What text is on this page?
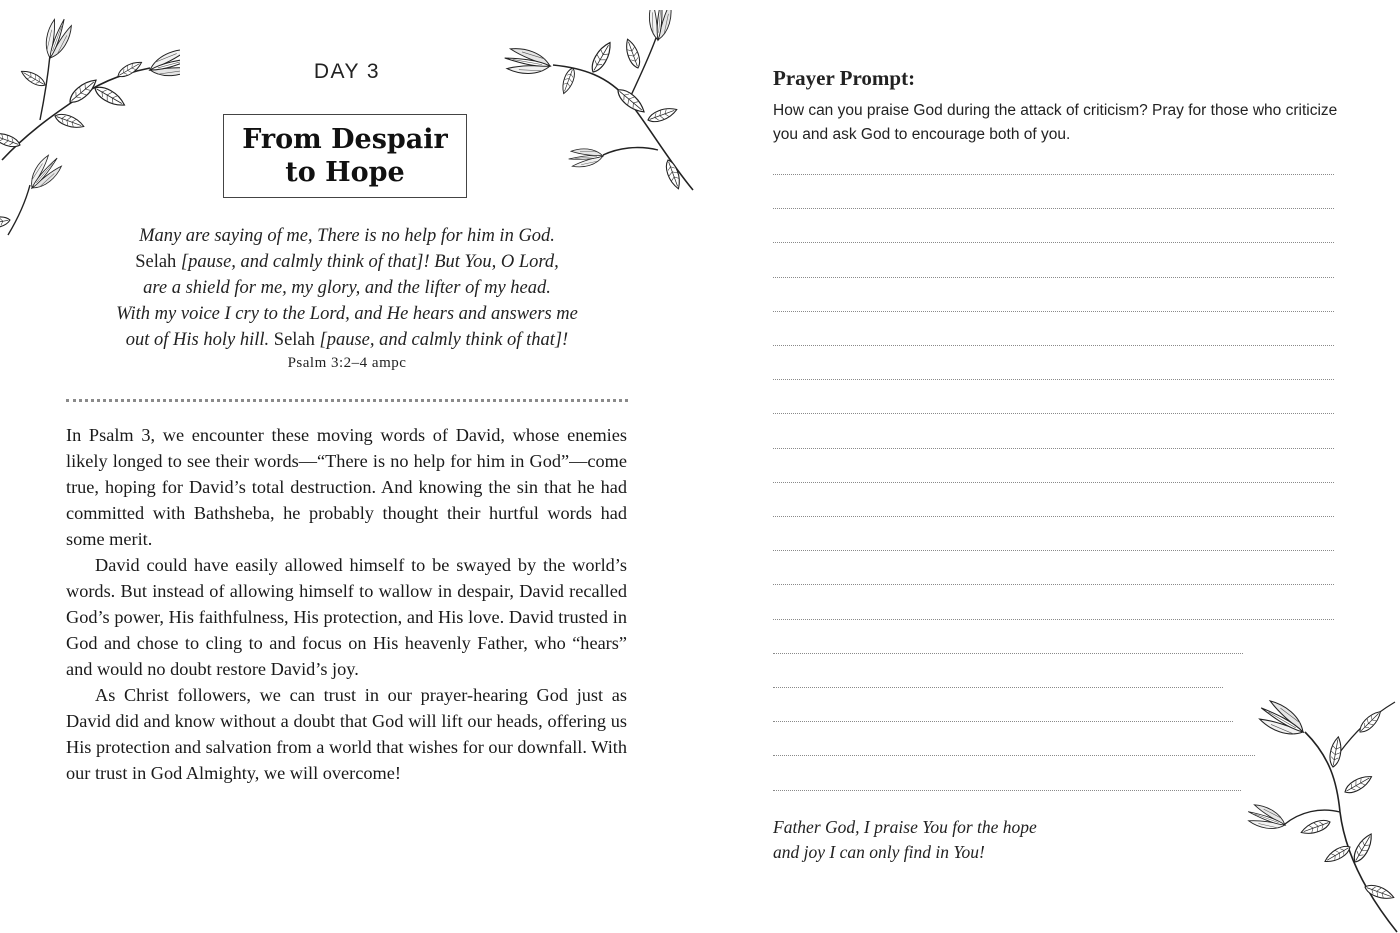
DAY 3
From Despair to Hope
Many are saying of me, There is no help for him in God.
Selah [pause, and calmly think of that]! But You, O Lord,
are a shield for me, my glory, and the lifter of my head.
With my voice I cry to the Lord, and He hears and answers me
out of His holy hill. Selah [pause, and calmly think of that]!
Psalm 3:2–4 ampc

In Psalm 3, we encounter these moving words of David, whose enemies likely longed to see their words—“There is no help for him in God”—come true, hoping for David’s total destruction. And knowing the sin that he had committed with Bathsheba, he probably thought their hurtful words had some merit.

David could have easily allowed himself to be swayed by the world’s words. But instead of allowing himself to wallow in despair, David recalled God’s power, His faithfulness, His protection, and His love. David trusted in God and chose to cling to and focus on His heavenly Father, who “hears” and would no doubt restore David’s joy.

As Christ followers, we can trust in our prayer-hearing God just as David did and know without a doubt that God will lift our heads, offering us His protection and salvation from a world that wishes for our downfall. With our trust in God Almighty, we will overcome!

Prayer Prompt:
How can you praise God during the attack of criticism? Pray for those who criticize you and ask God to encourage both of you.
Father God, I praise You for the hope
and joy I can only find in You!
